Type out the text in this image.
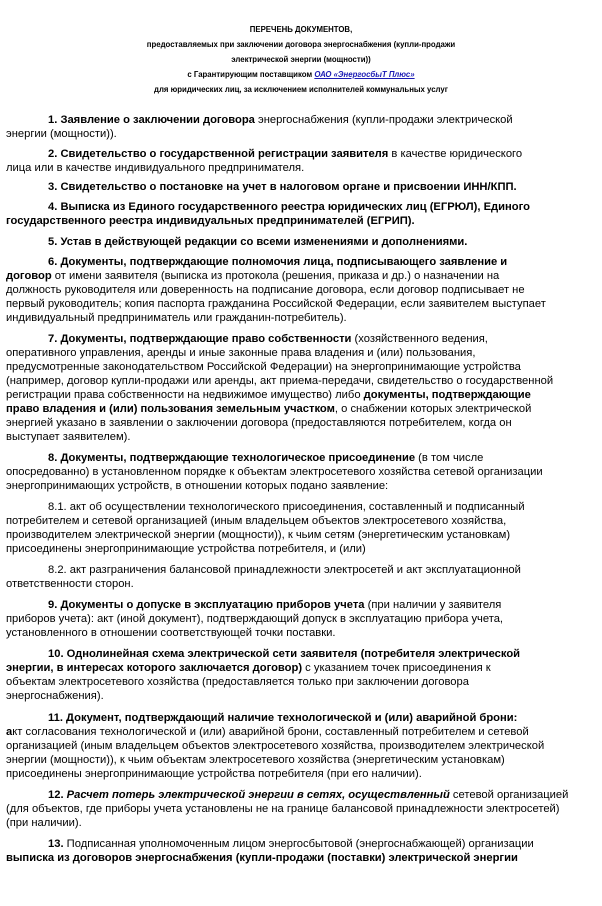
ПЕРЕЧЕНЬ ДОКУМЕНТОВ,
предоставляемых при заключении договора энергоснабжения (купли-продажи
электрической энергии (мощности))
с Гарантирующим поставщиком ОАО «ЭнергосбыТ Плюс»
для юридических лиц, за исключением исполнителей коммунальных услуг
1. Заявление о заключении договора энергоснабжения (купли-продажи электрической
энергии (мощности)).
2. Свидетельство о государственной регистрации заявителя в качестве юридического
лица или в качестве индивидуального предпринимателя.
3. Свидетельство о постановке на учет в налоговом органе и присвоении ИНН/КПП.
4. Выписка из Единого государственного реестра юридических лиц (ЕГРЮЛ), Единого
государственного реестра индивидуальных предпринимателей (ЕГРИП).
5. Устав в действующей редакции со всеми изменениями и дополнениями.
6. Документы, подтверждающие полномочия лица, подписывающего заявление и
договор от имени заявителя (выписка из протокола (решения, приказа и др.) о назначении на
должность руководителя или доверенность на подписание договора, если договор подписывает не
первый руководитель; копия паспорта гражданина Российской Федерации, если заявителем выступает
индивидуальный предприниматель или гражданин-потребитель).
7. Документы, подтверждающие право собственности (хозяйственного ведения,
оперативного управления, аренды и иные законные права владения и (или) пользования,
предусмотренные законодательством Российской Федерации) на энергопринимающие устройства
(например, договор купли-продажи или аренды, акт приема-передачи, свидетельство о государственной
регистрации права собственности на недвижимое имущество) либо документы, подтверждающие
право владения и (или) пользования земельным участком, о снабжении которых электрической
энергией указано в заявлении о заключении договора (предоставляются потребителем, когда он
выступает заявителем).
8. Документы, подтверждающие технологическое присоединение (в том числе
опосредованно) в установленном порядке к объектам электросетевого хозяйства сетевой организации
энергопринимающих устройств, в отношении которых подано заявление:
8.1. акт об осуществлении технологического присоединения, составленный и подписанный
потребителем и сетевой организацией (иным владельцем объектов электросетевого хозяйства,
производителем электрической энергии (мощности)), к чьим сетям (энергетическим установкам)
присоединены энергопринимающие устройства потребителя, и (или)
8.2. акт разграничения балансовой принадлежности электросетей и акт эксплуатационной
ответственности сторон.
9. Документы о допуске в эксплуатацию приборов учета (при наличии у заявителя
приборов учета): акт (иной документ), подтверждающий допуск в эксплуатацию прибора учета,
установленного в отношении соответствующей точки поставки.
10. Однолинейная схема электрической сети заявителя (потребителя электрической
энергии, в интересах которого заключается договор) с указанием точек присоединения к
объектам электросетевого хозяйства (предоставляется только при заключении договора
энергоснабжения).
11. Документ, подтверждающий наличие технологической и (или) аварийной брони:
акт согласования технологической и (или) аварийной брони, составленный потребителем и сетевой
организацией (иным владельцем объектов электросетевого хозяйства, производителем электрической
энергии (мощности)), к чьим объектам электросетевого хозяйства (энергетическим установкам)
присоединены энергопринимающие устройства потребителя (при его наличии).
12. Расчет потерь электрической энергии в сетях, осуществленный сетевой организацией
(для объектов, где приборы учета установлены не на границе балансовой принадлежности электросетей)
(при наличии).
13. Подписанная уполномоченным лицом энергосбытовой (энергоснабжающей) организации
выписка из договоров энергоснабжения (купли-продажи (поставки) электрической энергии
